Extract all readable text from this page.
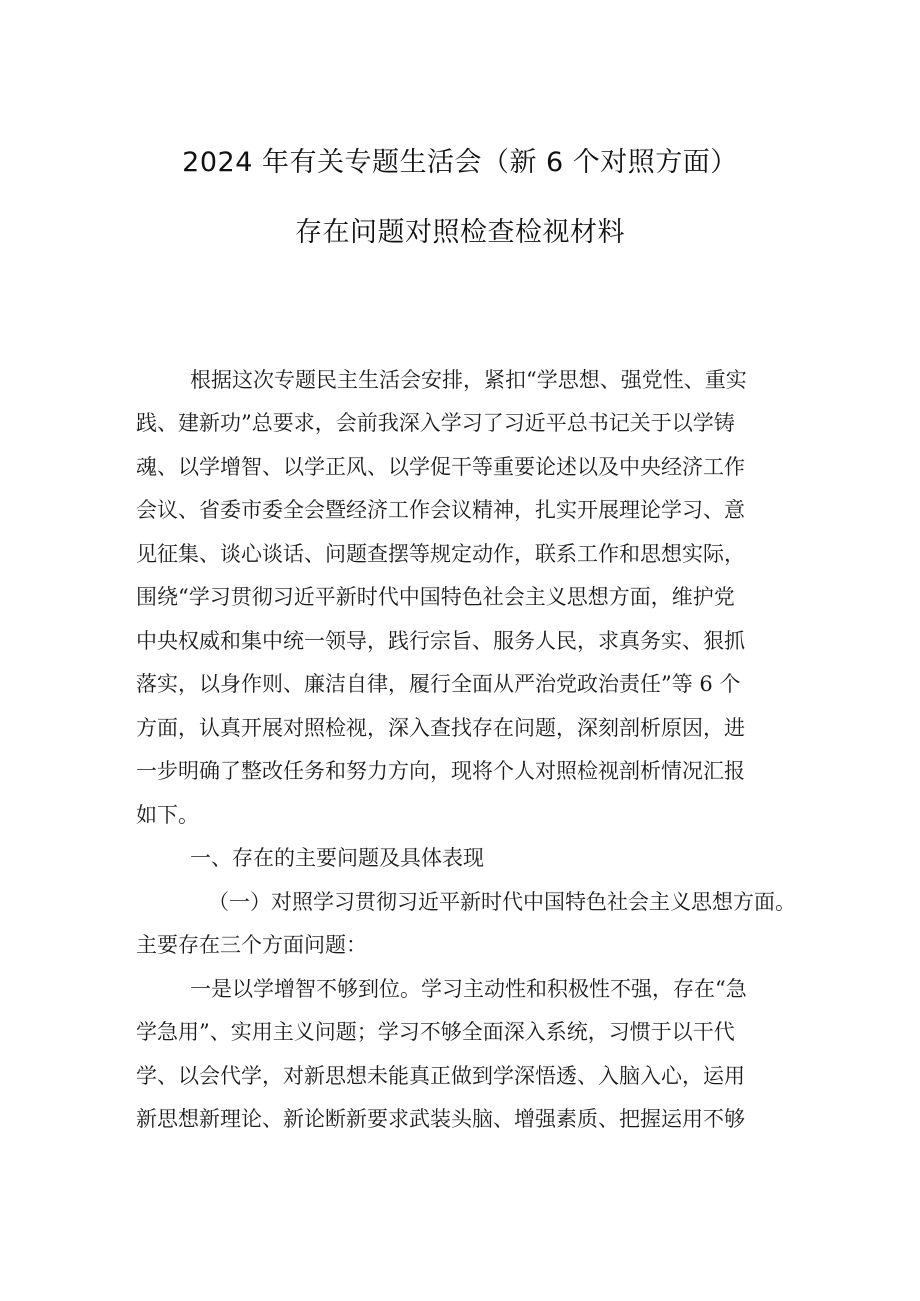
2024 年有关专题生活会（新 6 个对照方面）
存在问题对照检查检视材料
根据这次专题民主生活会安排，紧扣“学思想、强党性、重实
践、建新功”总要求，会前我深入学习了习近平总书记关于以学铸
魂、以学增智、以学正风、以学促干等重要论述以及中央经济工作
会议、省委市委全会暨经济工作会议精神，扎实开展理论学习、意
见征集、谈心谈话、问题查摆等规定动作，联系工作和思想实际，
围绕“学习贯彻习近平新时代中国特色社会主义思想方面，维护党
中央权威和集中统一领导，践行宗旨、服务人民，求真务实、狠抓
落实，以身作则、廉洁自律，履行全面从严治党政治责任”等 6 个
方面，认真开展对照检视，深入查找存在问题，深刻剖析原因，进
一步明确了整改任务和努力方向，现将个人对照检视剖析情况汇报
如下。
一、存在的主要问题及具体表现
（一）对照学习贯彻习近平新时代中国特色社会主义思想方面。
主要存在三个方面问题：
一是以学增智不够到位。学习主动性和积极性不强，存在“急
学急用”、实用主义问题；学习不够全面深入系统，习惯于以干代
学、以会代学，对新思想未能真正做到学深悟透、入脑入心，运用
新思想新理论、新论断新要求武装头脑、增强素质、把握运用不够
